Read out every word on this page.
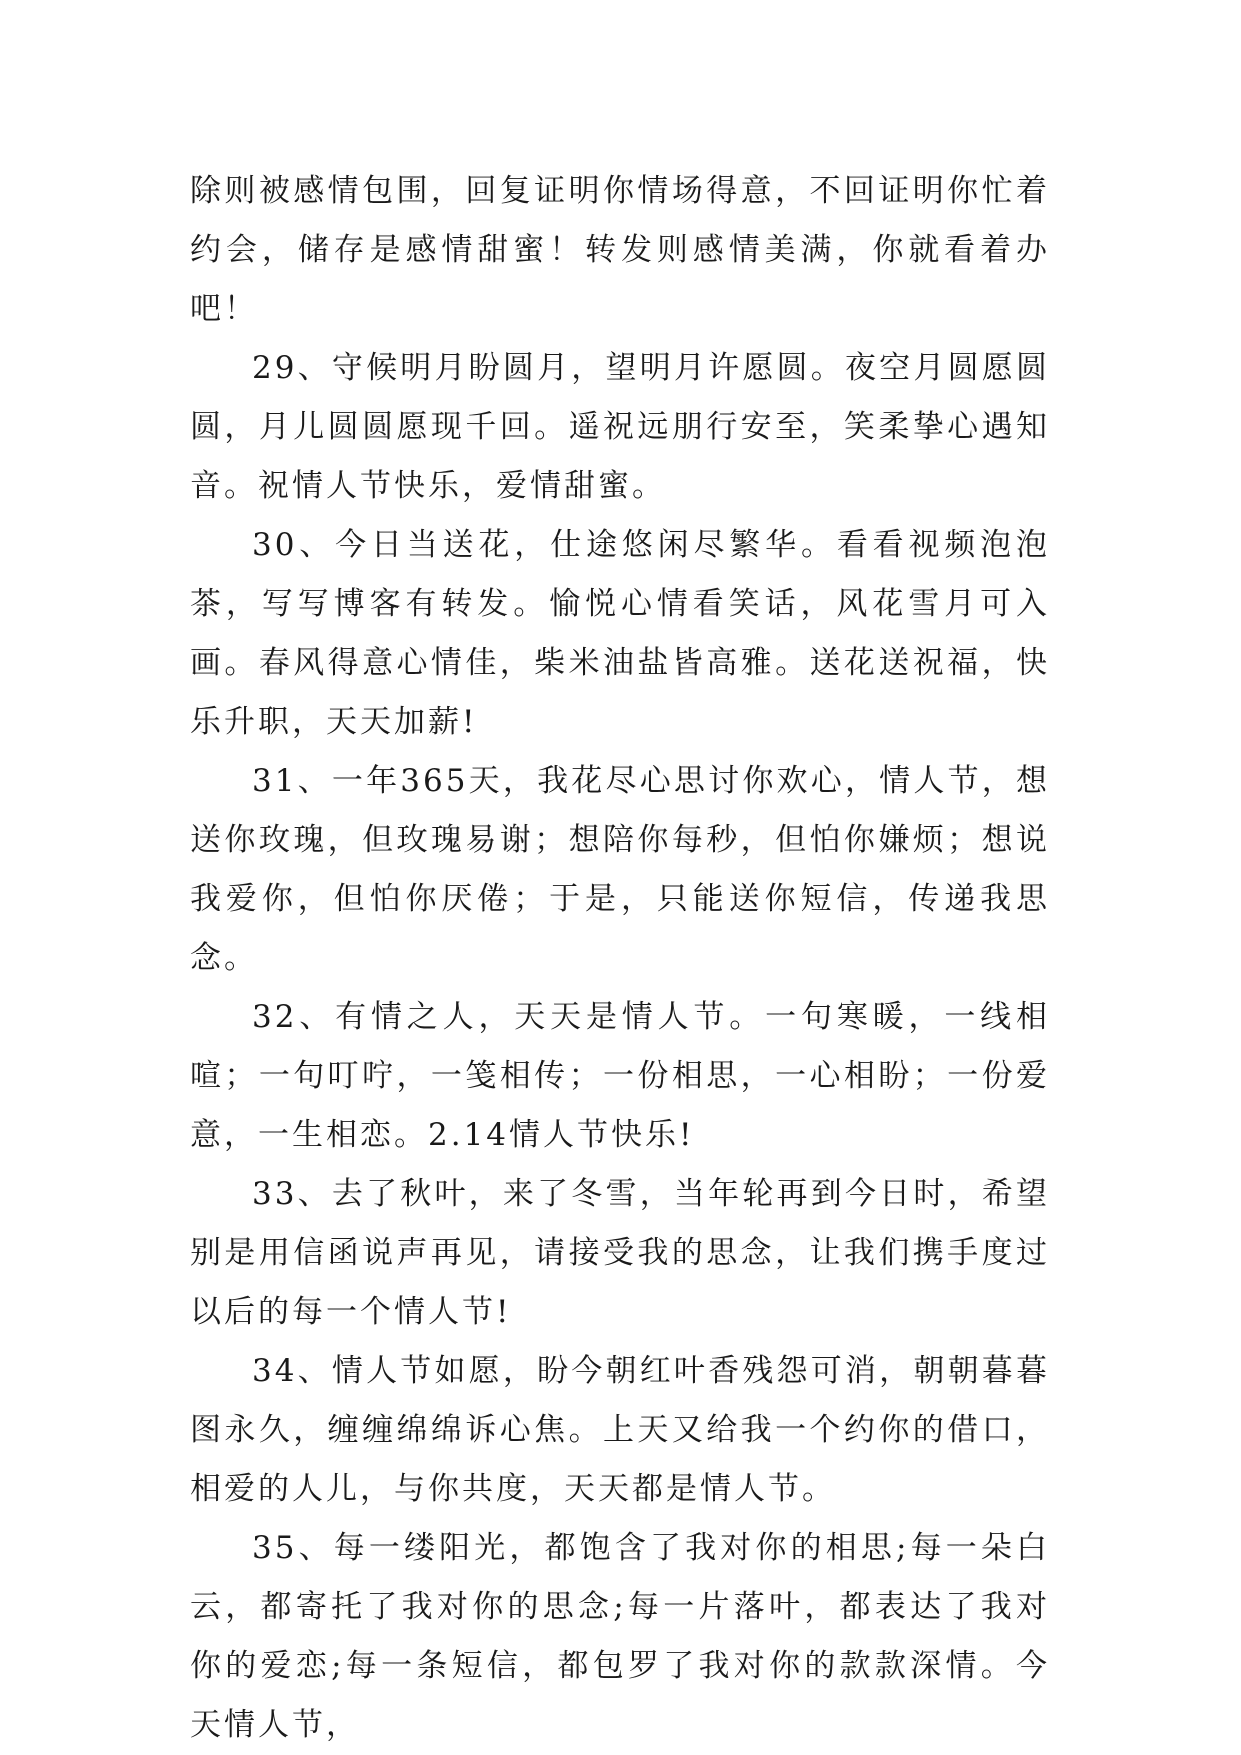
除则被感情包围，回复证明你情场得意，不回证明你忙着约会，储存是感情甜蜜！转发则感情美满，你就看着办吧！

29、守候明月盼圆月，望明月许愿圆。夜空月圆愿圆圆，月儿圆圆愿现千回。遥祝远朋行安至，笑柔挚心遇知音。祝情人节快乐，爱情甜蜜。

30、今日当送花，仕途悠闲尽繁华。看看视频泡泡茶，写写博客有转发。愉悦心情看笑话，风花雪月可入画。春风得意心情佳，柴米油盐皆高雅。送花送祝福，快乐升职，天天加薪!

31、一年365天，我花尽心思讨你欢心，情人节，想送你玫瑰，但玫瑰易谢；想陪你每秒，但怕你嫌烦；想说我爱你，但怕你厌倦；于是，只能送你短信，传递我思念。

32、有情之人，天天是情人节。一句寒暖，一线相喧；一句叮咛，一笺相传；一份相思，一心相盼；一份爱意，一生相恋。2.14情人节快乐!

33、去了秋叶，来了冬雪，当年轮再到今日时，希望别是用信函说声再见，请接受我的思念，让我们携手度过以后的每一个情人节!

34、情人节如愿，盼今朝红叶香残怨可消，朝朝暮暮图永久，缠缠绵绵诉心焦。上天又给我一个约你的借口，相爱的人儿，与你共度，天天都是情人节。

35、每一缕阳光，都饱含了我对你的相思;每一朵白云，都寄托了我对你的思念;每一片落叶，都表达了我对你的爱恋;每一条短信，都包罗了我对你的款款深情。今天情人节，
